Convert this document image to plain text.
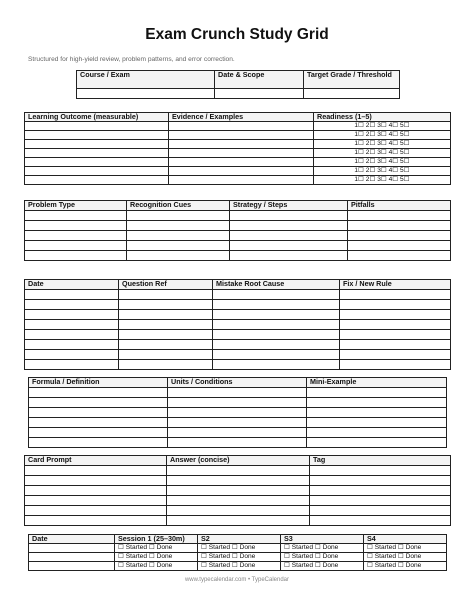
Exam Crunch Study Grid
Structured for high-yield review, problem patterns, and error correction.
Course / Exam	Date & Scope	Target Grade / Threshold

Learning Outcome (measurable)	Evidence / Examples	Readiness (1–5)
		1☐ 2☐ 3☐ 4☐ 5☐
		1☐ 2☐ 3☐ 4☐ 5☐
		1☐ 2☐ 3☐ 4☐ 5☐
		1☐ 2☐ 3☐ 4☐ 5☐
		1☐ 2☐ 3☐ 4☐ 5☐
		1☐ 2☐ 3☐ 4☐ 5☐
		1☐ 2☐ 3☐ 4☐ 5☐
Problem Type	Recognition Cues	Strategy / Steps	Pitfalls

Date	Question Ref	Mistake Root Cause	Fix / New Rule

Formula / Definition	Units / Conditions	Mini-Example

Card Prompt	Answer (concise)	Tag

Date	Session 1 (25–30m)	S2	S3	S4
	☐ Started ☐ Done	☐ Started ☐ Done	☐ Started ☐ Done	☐ Started ☐ Done
	☐ Started ☐ Done	☐ Started ☐ Done	☐ Started ☐ Done	☐ Started ☐ Done
	☐ Started ☐ Done	☐ Started ☐ Done	☐ Started ☐ Done	☐ Started ☐ Done
www.typecalendar.com • TypeCalendar
